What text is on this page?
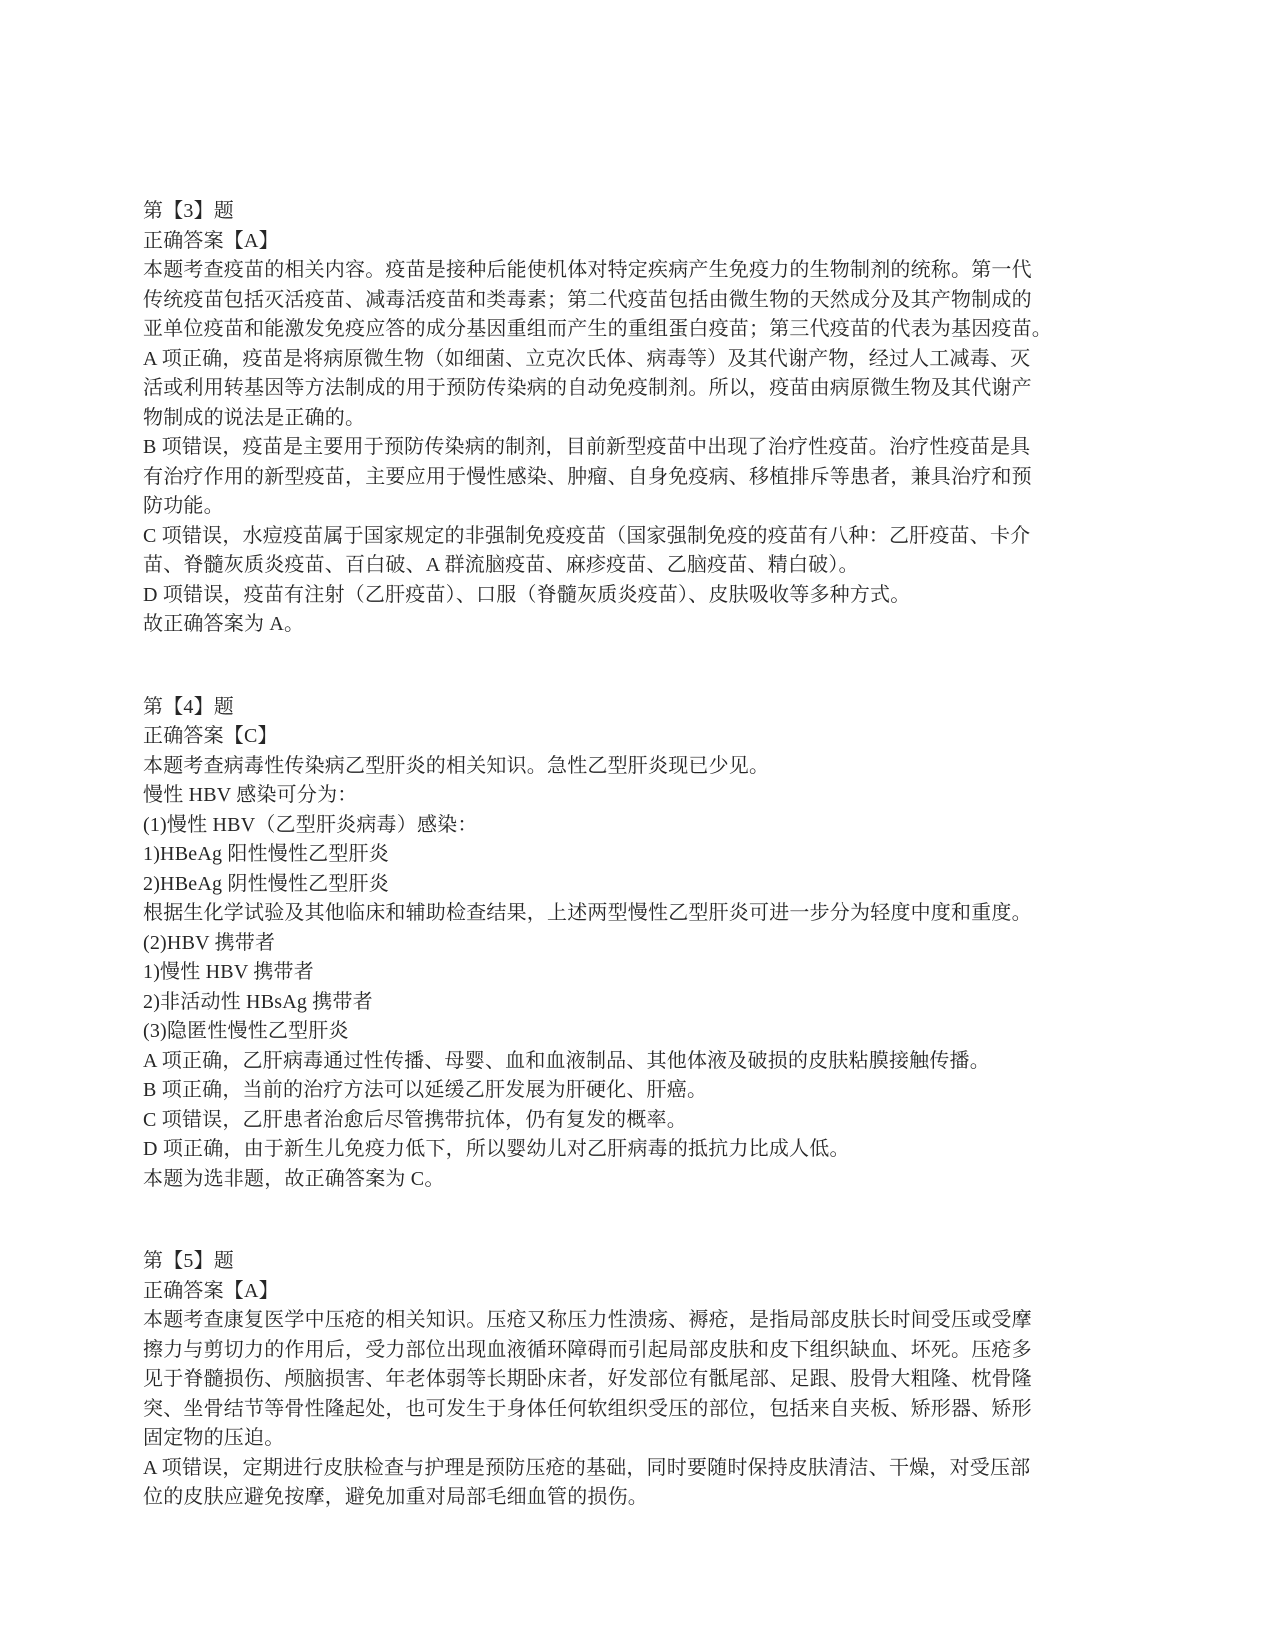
第【3】题
正确答案【A】
本题考查疫苗的相关内容。疫苗是接种后能使机体对特定疾病产生免疫力的生物制剂的统称。第一代
传统疫苗包括灭活疫苗、减毒活疫苗和类毒素；第二代疫苗包括由微生物的天然成分及其产物制成的
亚单位疫苗和能激发免疫应答的成分基因重组而产生的重组蛋白疫苗；第三代疫苗的代表为基因疫苗。
A 项正确，疫苗是将病原微生物（如细菌、立克次氏体、病毒等）及其代谢产物，经过人工减毒、灭
活或利用转基因等方法制成的用于预防传染病的自动免疫制剂。所以，疫苗由病原微生物及其代谢产
物制成的说法是正确的。
B 项错误，疫苗是主要用于预防传染病的制剂，目前新型疫苗中出现了治疗性疫苗。治疗性疫苗是具
有治疗作用的新型疫苗，主要应用于慢性感染、肿瘤、自身免疫病、移植排斥等患者，兼具治疗和预
防功能。
C 项错误，水痘疫苗属于国家规定的非强制免疫疫苗（国家强制免疫的疫苗有八种：乙肝疫苗、卡介
苗、脊髓灰质炎疫苗、百白破、A 群流脑疫苗、麻疹疫苗、乙脑疫苗、精白破）。
D 项错误，疫苗有注射（乙肝疫苗）、口服（脊髓灰质炎疫苗）、皮肤吸收等多种方式。
故正确答案为 A。
第【4】题
正确答案【C】
本题考查病毒性传染病乙型肝炎的相关知识。急性乙型肝炎现已少见。
慢性 HBV 感染可分为：
(1)慢性 HBV（乙型肝炎病毒）感染：
1)HBeAg 阳性慢性乙型肝炎
2)HBeAg 阴性慢性乙型肝炎
根据生化学试验及其他临床和辅助检查结果，上述两型慢性乙型肝炎可进一步分为轻度中度和重度。
(2)HBV 携带者
1)慢性 HBV 携带者
2)非活动性 HBsAg 携带者
(3)隐匿性慢性乙型肝炎
A 项正确，乙肝病毒通过性传播、母婴、血和血液制品、其他体液及破损的皮肤粘膜接触传播。
B 项正确，当前的治疗方法可以延缓乙肝发展为肝硬化、肝癌。
C 项错误，乙肝患者治愈后尽管携带抗体，仍有复发的概率。
D 项正确，由于新生儿免疫力低下，所以婴幼儿对乙肝病毒的抵抗力比成人低。
本题为选非题，故正确答案为 C。
第【5】题
正确答案【A】
本题考查康复医学中压疮的相关知识。压疮又称压力性溃疡、褥疮，是指局部皮肤长时间受压或受摩
擦力与剪切力的作用后，受力部位出现血液循环障碍而引起局部皮肤和皮下组织缺血、坏死。压疮多
见于脊髓损伤、颅脑损害、年老体弱等长期卧床者，好发部位有骶尾部、足跟、股骨大粗隆、枕骨隆
突、坐骨结节等骨性隆起处，也可发生于身体任何软组织受压的部位，包括来自夹板、矫形器、矫形
固定物的压迫。
A 项错误，定期进行皮肤检查与护理是预防压疮的基础，同时要随时保持皮肤清洁、干燥，对受压部
位的皮肤应避免按摩，避免加重对局部毛细血管的损伤。
